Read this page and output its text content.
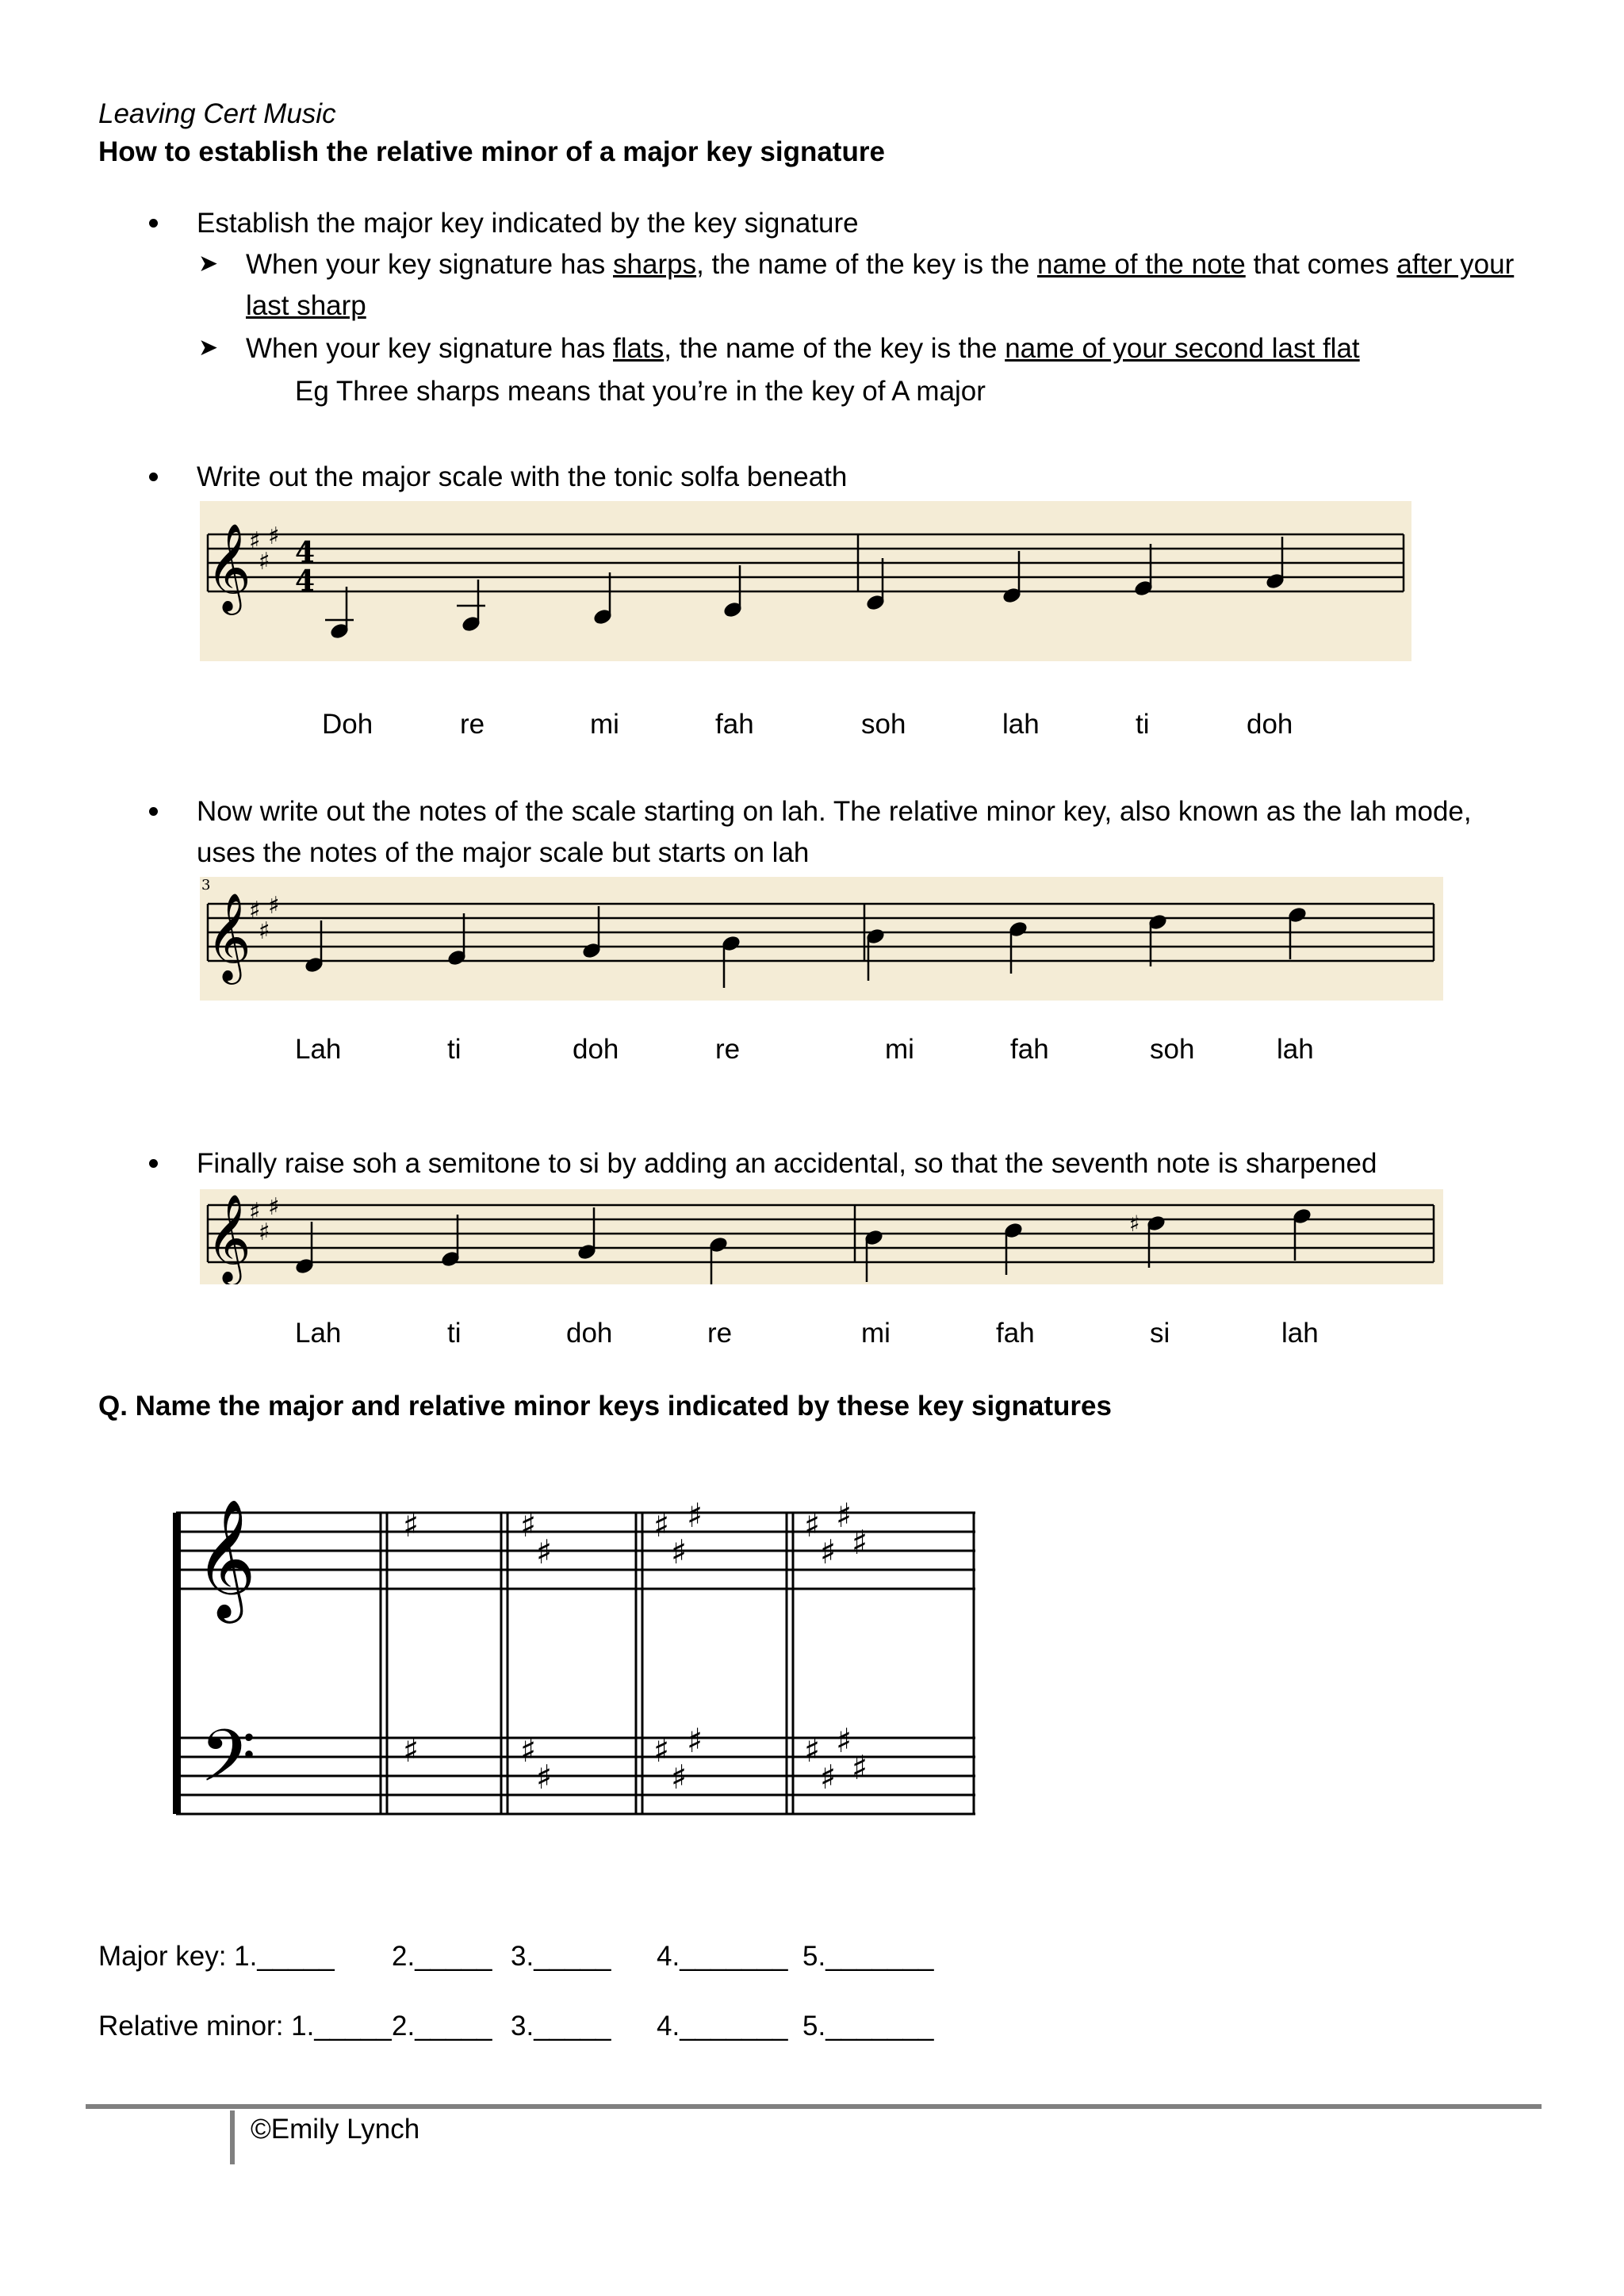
Leaving Cert Music
How to establish the relative minor of a major key signature
Establish the major key indicated by the key signature
➤ When your key signature has sharps, the name of the key is the name of the note that comes after your
last sharp
➤ When your key signature has flats, the name of the key is the name of your second last flat
Eg Three sharps means that you’re in the key of A major
Write out the major scale with the tonic solfa beneath
𝄞
♯
♯
♯ 4
4
Doh	re	mi	fah	soh	lah	ti	doh
Now write out the notes of the scale starting on lah. The relative minor key, also known as the lah mode,
uses the notes of the major scale but starts on lah
3
𝄞
♯
♯
♯
Lah	ti	doh	re	mi	fah	soh	lah
Finally raise soh a semitone to si by adding an accidental, so that the seventh note is sharpened
𝄞
♯
♯
♯
♯
Lah	ti	doh	re	mi	fah	si	lah
Q. Name the major and relative minor keys indicated by these key signatures
𝄞
𝄢
♯
♯
♯
♯
♯
♯
♯
♯
♯
♯
♯
♯
♯
♯
♯
♯
♯
♯
♯
♯
Major key: 1._____ 2._____ 3._____ 4._______ 5._______
Relative minor: 1._____ 2._____ 3._____ 4._______ 5._______
©Emily Lynch
